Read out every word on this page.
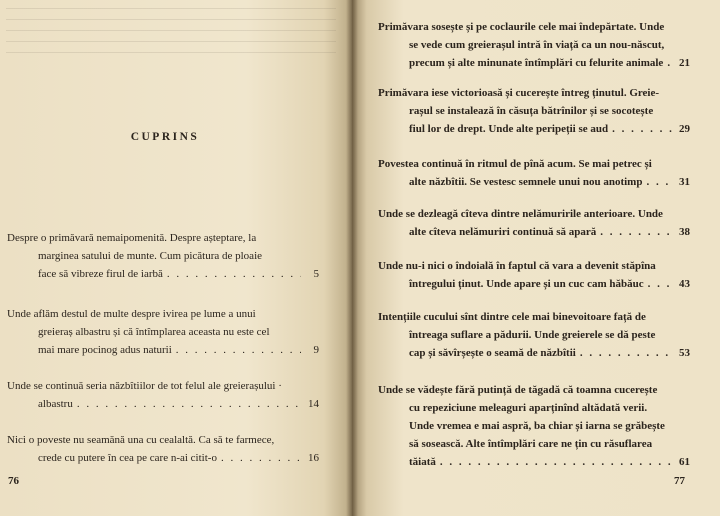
CUPRINS
Despre o primăvară nemaipomenită. Despre așteptare, la
marginea satului de munte. Cum picătura de ploaie
face să vibreze firul de iarbă . . .	5
Unde aflăm destul de multe despre ivirea pe lume a unui
greieraș albastru și că întîmplarea aceasta nu este cel
mai mare pocinog adus naturii . . .	9
Unde se continuă seria năzbîtiilor de tot felul ale greierașului ·
albastru . . .	14
Nici o poveste nu seamănă una cu cealaltă. Ca să te farmece,
crede cu putere în cea pe care n-ai citit-o . . .	16
76
Primăvara sosește și pe coclaurile cele mai îndepărtate. Unde
se vede cum greierașul intră în viață ca un nou-născut,
precum și alte minunate întîmplări cu felurite animale . . . 21
Primăvara iese victorioasă și cucerește întreg ținutul. Greie-
rașul se instalează în căsuța bătrînilor și se socotește
fiul lor de drept. Unde alte peripeții se aud . . .	29
Povestea continuă în ritmul de pînă acum. Se mai petrec și
alte năzbîtii. Se vestesc semnele unui nou anotimp . . .	31
Unde se dezleagă cîteva dintre nelămuririle anterioare. Unde
alte cîteva nelămuriri continuă să apară . . .	38
Unde nu-i nici o îndoială în faptul că vara a devenit stăpîna
întregului ținut. Unde apare și un cuc cam hăbăuc . . .	43
Intențiile cucului sînt dintre cele mai binevoitoare față de
întreaga suflare a pădurii. Unde greierele se dă peste
cap și săvîrșește o seamă de năzbîtii . . .	53
Unde se vădește fără putință de tăgadă că toamna cucerește
cu repeziciune meleaguri aparținînd altădată verii.
Unde vremea e mai aspră, ba chiar și iarna se grăbește
să sosească. Alte întîmplări care ne țin cu răsuflarea
tăiată . . .	61
77
